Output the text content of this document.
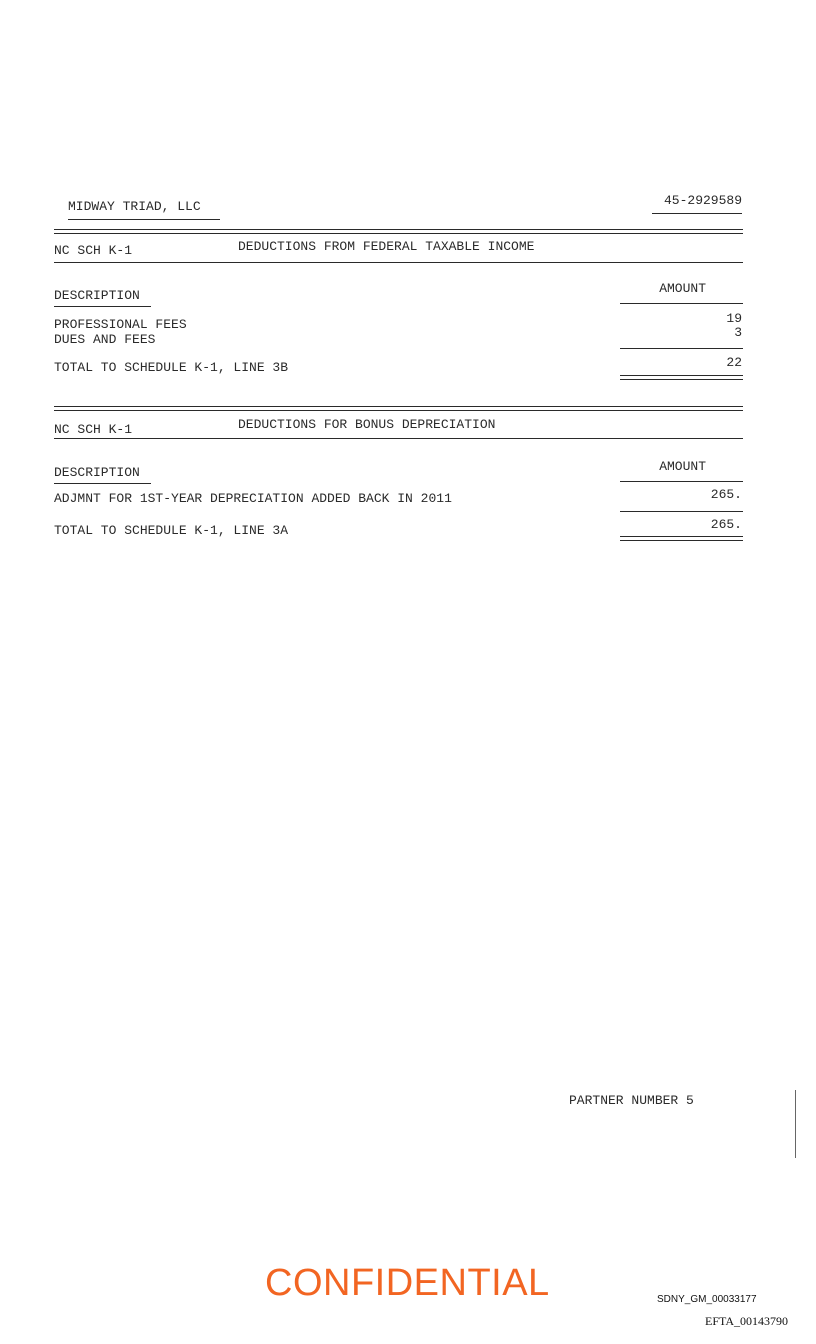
MIDWAY TRIAD, LLC	45-2929589
NC SCH K-1	DEDUCTIONS FROM FEDERAL TAXABLE INCOME
DESCRIPTION	AMOUNT
PROFESSIONAL FEES	19
DUES AND FEES	3
TOTAL TO SCHEDULE K-1, LINE 3B	22
NC SCH K-1	DEDUCTIONS FOR BONUS DEPRECIATION
DESCRIPTION	AMOUNT
ADJMNT FOR 1ST-YEAR DEPRECIATION ADDED BACK IN 2011	265.
TOTAL TO SCHEDULE K-1, LINE 3A	265.
PARTNER NUMBER 5
CONFIDENTIAL	SDNY_GM_00033177
EFTA_00143790
